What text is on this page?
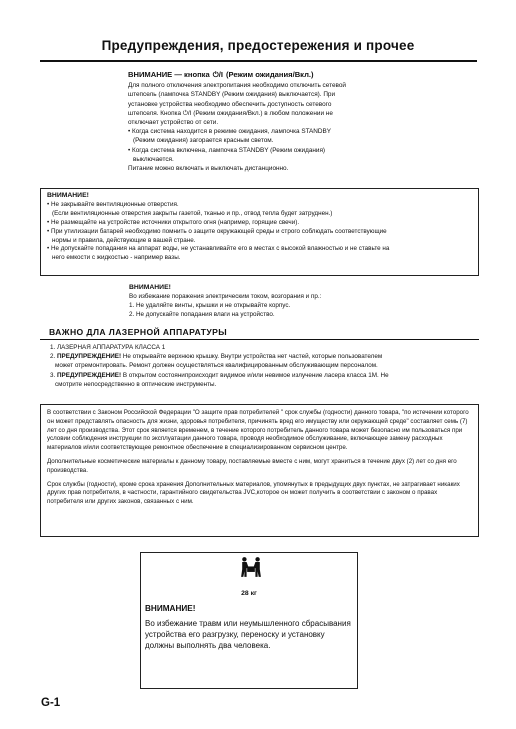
Предупреждения, предостережения и прочее
ВНИМАНИЕ — кнопка ⏻/I (Режим ожидания/Вкл.)

Для полного отключения электропитания необходимо отключить сетевой

штепсель (лампочка STANDBY (Режим ожидания) выключается). При

установке устройства необходимо обеспечить доступность сетевого

штепселя. Кнопка ⏻/I (Режим ожидания/Вкл.) в любом положении не

отключает устройство от сети.

• Когда система находится в режиме ожидания, лампочка STANDBY

(Режим ожидания) загорается красным светом.

• Когда система включена, лампочка STANDBY (Режим ожидания)

выключается.

Питание можно включать и выключать дистанционно.

ВНИМАНИЕ!

• Не закрывайте вентиляционные отверстия.

(Если вентиляционные отверстия закрыты газетой, тканью и пр., отвод тепла будет затруднен.)

• Не размещайте на устройстве источники открытого огня (например, горящие свечи).

• При утилизации батарей необходимо помнить о защите окружающей среды и строго соблюдать соответствующие

нормы и правила, действующие в вашей стране.

• Не допускайте попадания на аппарат воды, не устанавливайте его в местах с высокой влажностью и не ставьте на

него емкости с жидкостью - например вазы.

ВНИМАНИЕ!

Во избежание поражения электрическим током, возгорания и пр.:

1. Не удаляйте винты, крышки и не открывайте корпус.

2. Не допускайте попадания влаги на устройство.

ВАЖНО ДЛА ЛАЗЕРНОЙ АППАРАТУРЫ

1. ЛАЗЕРНАЯ АППАРАТУРА КЛАССА 1

2. ПРЕДУПРЕЖДЕНИЕ! Не открывайте верхнюю крышку. Внутри устройства нет частей, которые пользователем

может отремонтировать. Ремонт должен осуществляться квалифицированным обслуживающим персоналом.

3. ПРЕДУПРЕЖДЕНИЕ! В открытом состоянипроисходит видимое и/или невимое излучение ласера класса 1М. Не

смотрите непосредственно в оптические инструменты.

В соответствии с Законом Российской Федерации "О защите прав потребителей " срок службы (годности) данного товара, "по истечении которого он может представлять опасность для жизни, здоровья потребителя, причинять вред его имуществу или окружающей среде" составляет семь (7) лет со дня производства. Этот срок является временем, в течение которого потребитель данного товара может безопасно им пользоваться при условии соблюдения инструкции по эксплуатации данного товара, проводя необходимое обслуживание, включающее замену расходных материалов и/или соответствующее ремонтное обеспечение в специализированном сервисном центре.

Дополнительные косметические материалы к данному товару, поставляемые вместе с ним, могут храниться в течение двух (2) лет со дня его производства.

Срок службы (годности), кроме срока хранения Дополнительных материалов, упомянутых в предыдущих двух пунктах, не затрагивает никаких других прав потребителя, в частности, гарантийного свидетельства JVC,которое он может получить в соответствии с законом о правах потребителя или других законов, связанных с ним.

28 кг
ВНИМАНИЕ!
Во избежание травм или неумышленного сбрасывания устройства его разгрузку, переноску и установку должны выполнять два человека.
G-1
